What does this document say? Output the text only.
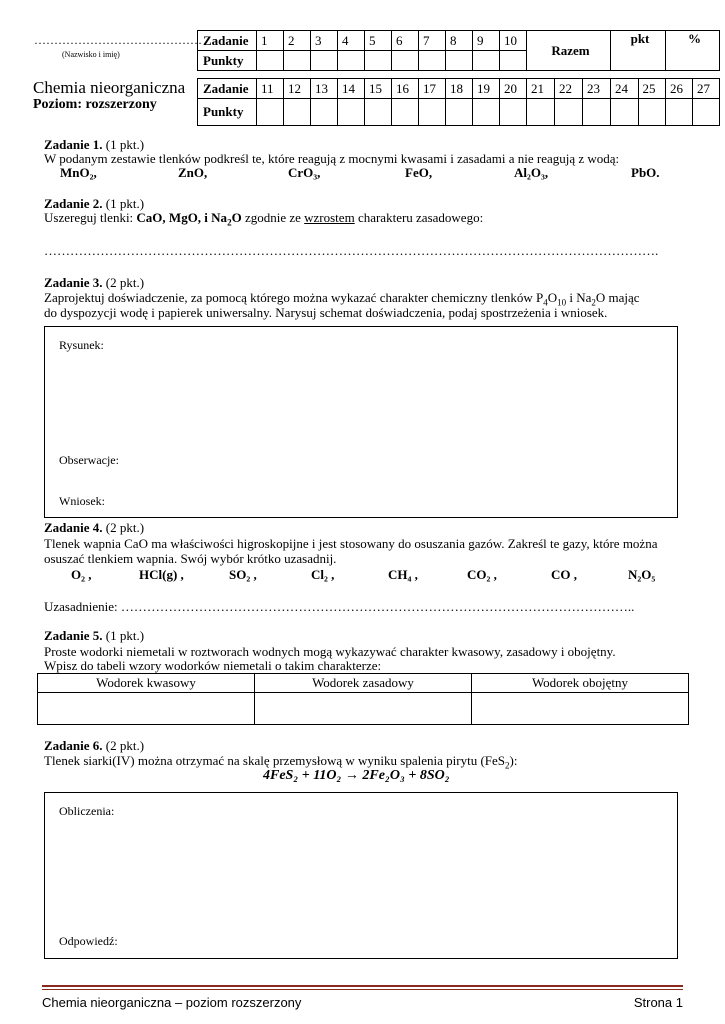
……………………………………
(Nazwisko i imię)
Chemia nieorganiczna
Poziom: rozszerzony
Zadanie	1	2	3	4	5	6	7	8	9	10	Razem			pkt		%	
Punkty																	

Zadanie	11	12	13	14	15	16	17	18	19	20	21	22	23	24	25	26	27
Punkty																	
Zadanie 1. (1 pkt.)
W podanym zestawie tlenków podkreśl te, które reagują z mocnymi kwasami i zasadami a nie reagują z wodą:
MnO₂,	ZnO,	CrO₃,	FeO,	Al₂O₃,	PbO.
Zadanie 2. (1 pkt.)
Uszereguj tlenki: CaO, MgO, i $Na_2O$ zgodnie ze wzrostem charakteru zasadowego:
…………………………………………………………………………………………………………………………….
Zadanie 3. (2 pkt.)
Zaprojektuj doświadczenie, za pomocą którego można wykazać charakter chemiczny tlenków $P_4O_{10}$ i $Na_2O$ mając
do dyspozycji wodę i papierek uniwersalny. Narysuj schemat doświadczenia, podaj spostrzeżenia i wniosek.
Rysunek:
Obserwacje:
Wniosek:
Zadanie 4. (2 pkt.)
Tlenek wapnia CaO ma właściwości higroskopijne i jest stosowany do osuszania gazów. Zakreśl te gazy, które można
osuszać tlenkiem wapnia. Swój wybór krótko uzasadnij.
O₂ ,	HCl(g) ,	SO₂ ,	Cl₂ ,	CH₄ ,	CO₂ ,	CO ,	N₂O₅
Uzasadnienie: ………………………………………………………………………………………………………..
Zadanie 5. (1 pkt.)
Proste wodorki niemetali w roztworach wodnych mogą wykazywać charakter kwasowy, zasadowy i obojętny.
Wpisz do tabeli wzory wodorków niemetali o takim charakterze:
Wodorek kwasowy	Wodorek zasadowy	Wodorek obojętny

Zadanie 6. (2 pkt.)
Tlenek siarki(IV) można otrzymać na skalę przemysłową w wyniku spalenia pirytu (FeS$_2$):
4FeS₂ + 11O₂ → 2Fe₂O₃ + 8SO₂
Obliczenia:
Odpowiedź:
Chemia nieorganiczna – poziom rozszerzony	Strona 1
